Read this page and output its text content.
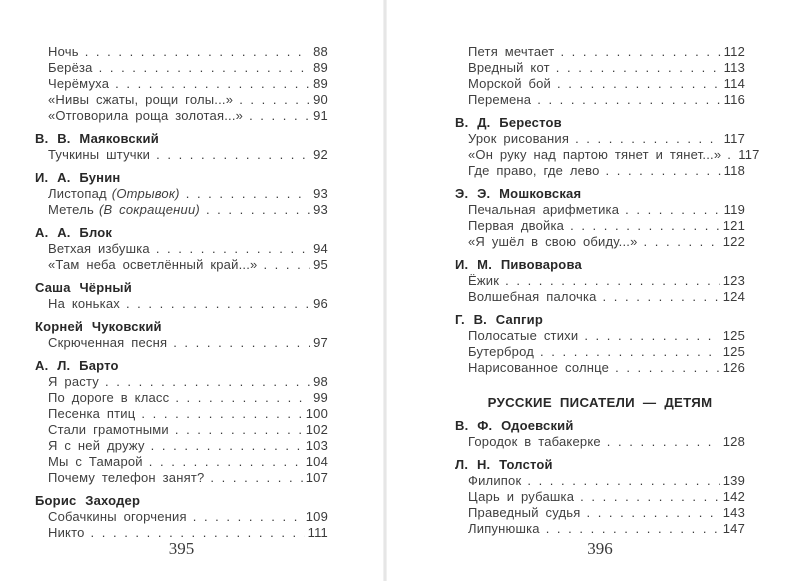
Ночь . . .	88
Берёза . . .	89
Черёмуха . . .	89
«Нивы сжаты, рощи голы...» . . .	90
«Отговорила роща золотая...» . . .	91
В. В. Маяковский
Тучкины штучки . . .	92
И. А. Бунин
Листопад (Отрывок) . . .	93
Метель (В сокращении) . . .	93
А. А. Блок
Ветхая избушка . . .	94
«Там неба осветлённый край...» . . .	95
Саша Чёрный
На коньках . . .	96
Корней Чуковский
Скрюченная песня . . .	97
А. Л. Барто
Я расту . . .	98
По дороге в класс . . .	99
Песенка птиц . . .	100
Стали грамотными . . .	102
Я с ней дружу . . .	103
Мы с Тамарой . . .	104
Почему телефон занят? . . .	107
Борис Заходер
Собачкины огорчения . . .	109
Никто . . .	111
395
Петя мечтает . . .	112
Вредный кот . . .	113
Морской бой . . .	114
Перемена . . .	116
В. Д. Берестов
Урок рисования . . .	117
«Он руку над партою тянет и тянет...» . . . 117
Где право, где лево . . .	118
Э. Э. Мошковская
Печальная арифметика . . .	119
Первая двойка . . .	121
«Я ушёл в свою обиду...» . . .	122
И. М. Пивоварова
Ёжик . . .	123
Волшебная палочка . . .	124
Г. В. Сапгир
Полосатые стихи . . .	125
Бутерброд . . .	125
Нарисованное солнце . . .	126
РУССКИЕ ПИСАТЕЛИ — ДЕТЯМ
В. Ф. Одоевский
Городок в табакерке . . .	128
Л. Н. Толстой
Филипок . . .	139
Царь и рубашка . . .	142
Праведный судья . . .	143
Липунюшка . . .	147
396
